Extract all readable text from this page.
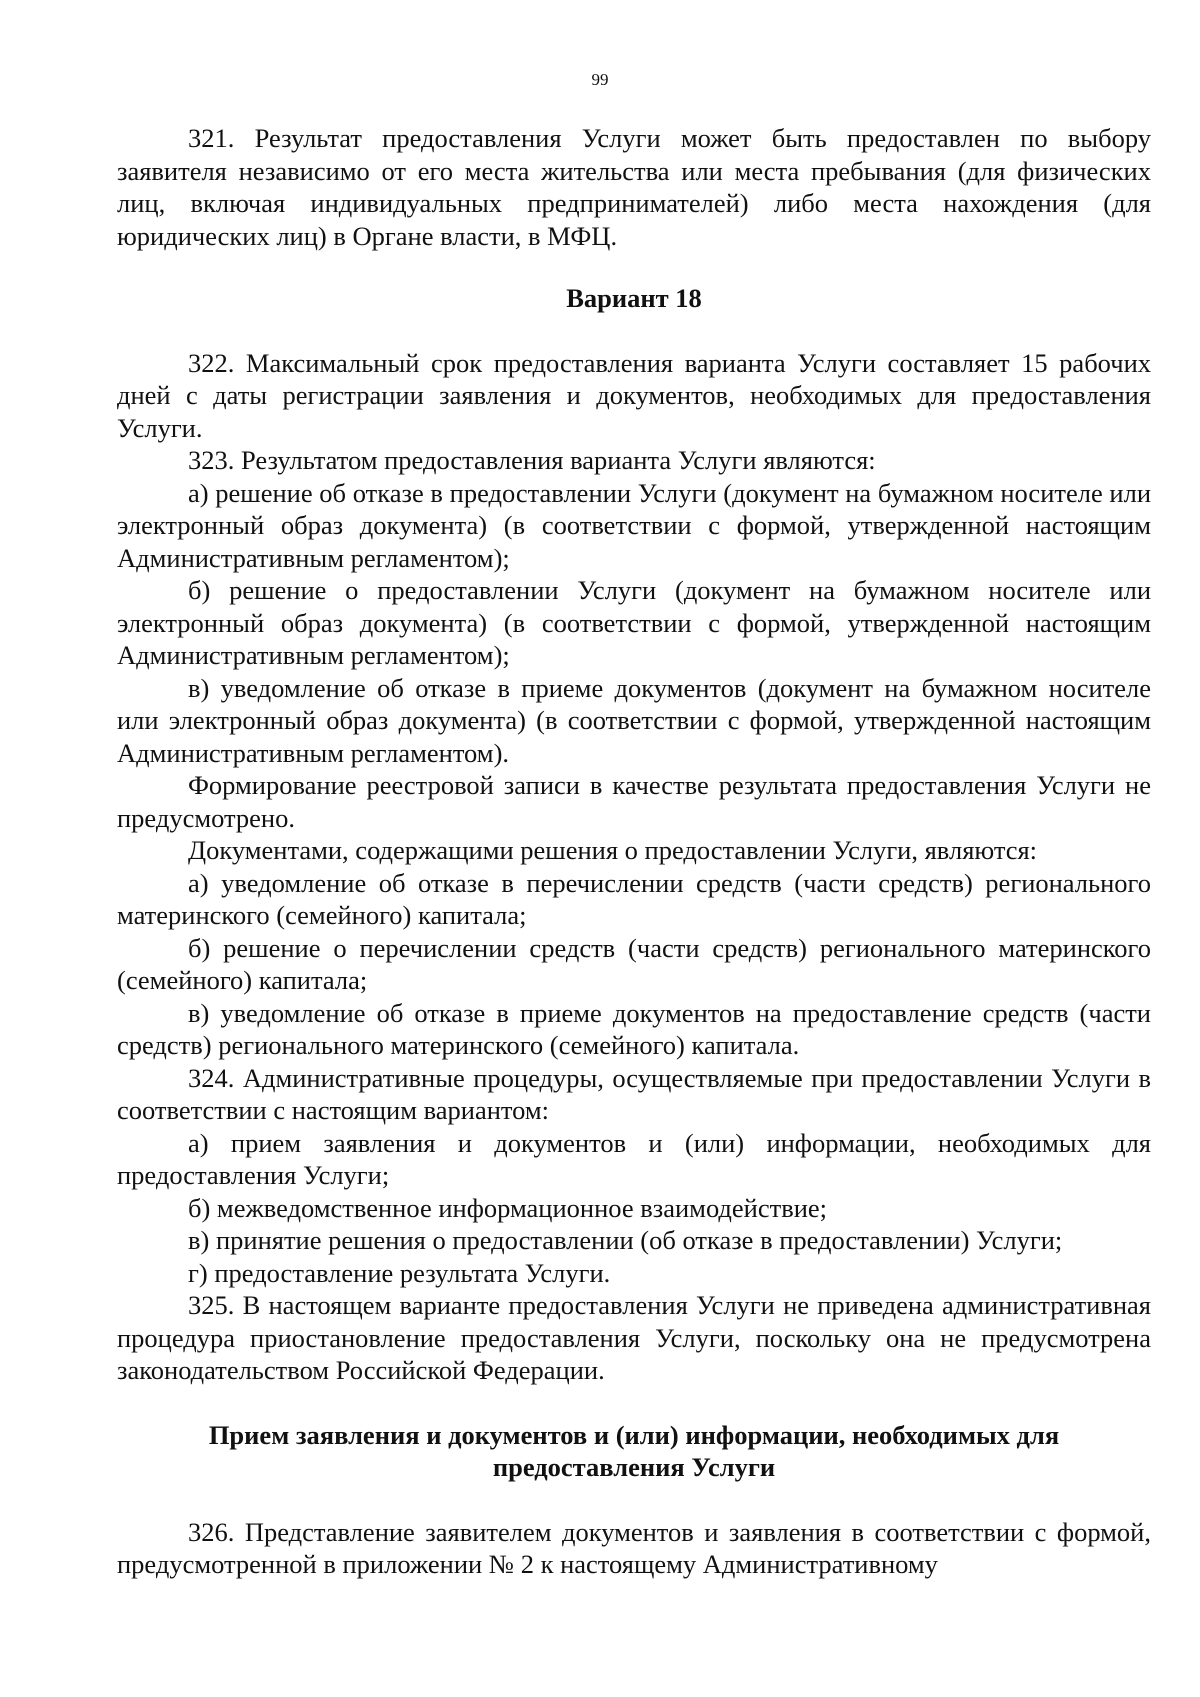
99

321. Результат предоставления Услуги может быть предоставлен по выбору заявителя независимо от его места жительства или места пребывания (для физических лиц, включая индивидуальных предпринимателей) либо места нахождения (для юридических лиц) в Органе власти, в МФЦ.

Вариант 18

322. Максимальный срок предоставления варианта Услуги составляет 15 рабочих дней с даты регистрации заявления и документов, необходимых для предоставления Услуги.

323. Результатом предоставления варианта Услуги являются:

а) решение об отказе в предоставлении Услуги (документ на бумажном носителе или электронный образ документа) (в соответствии с формой, утвержденной настоящим Административным регламентом);

б) решение о предоставлении Услуги (документ на бумажном носителе или электронный образ документа) (в соответствии с формой, утвержденной настоящим Административным регламентом);

в) уведомление об отказе в приеме документов (документ на бумажном носителе или электронный образ документа) (в соответствии с формой, утвержденной настоящим Административным регламентом).

Формирование реестровой записи в качестве результата предоставления Услуги не предусмотрено.

Документами, содержащими решения о предоставлении Услуги, являются:

а) уведомление об отказе в перечислении средств (части средств) регионального материнского (семейного) капитала;

б) решение о перечислении средств (части средств) регионального материнского (семейного) капитала;

в) уведомление об отказе в приеме документов на предоставление средств (части средств) регионального материнского (семейного) капитала.

324. Административные процедуры, осуществляемые при предоставлении Услуги в соответствии с настоящим вариантом:

а) прием заявления и документов и (или) информации, необходимых для предоставления Услуги;

б) межведомственное информационное взаимодействие;

в) принятие решения о предоставлении (об отказе в предоставлении) Услуги;

г) предоставление результата Услуги.

325. В настоящем варианте предоставления Услуги не приведена административная процедура приостановление предоставления Услуги, поскольку она не предусмотрена законодательством Российской Федерации.

Прием заявления и документов и (или) информации, необходимых для предоставления Услуги

326. Представление заявителем документов и заявления в соответствии с формой, предусмотренной в приложении № 2 к настоящему Административному
